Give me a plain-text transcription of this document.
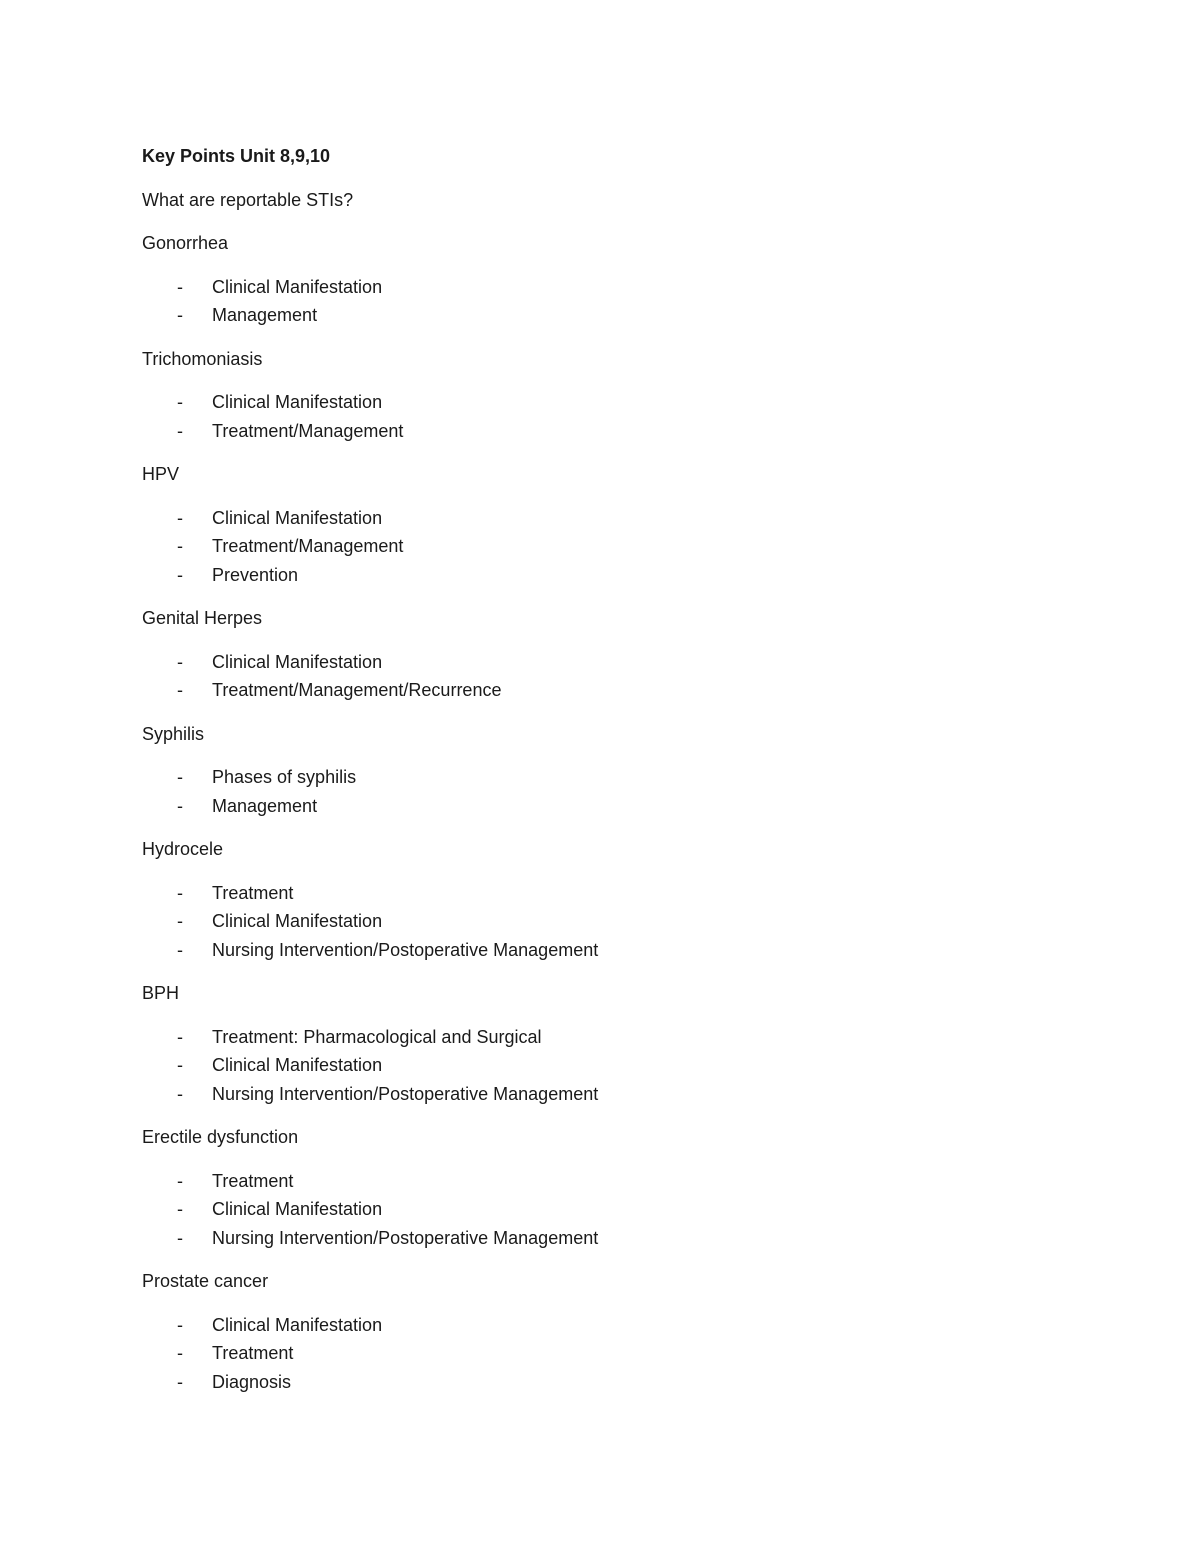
Key Points Unit 8,9,10
What are reportable STIs?
Gonorrhea
- Clinical Manifestation
- Management
Trichomoniasis
- Clinical Manifestation
- Treatment/Management
HPV
- Clinical Manifestation
- Treatment/Management
- Prevention
Genital Herpes
- Clinical Manifestation
- Treatment/Management/Recurrence
Syphilis
- Phases of syphilis
- Management
Hydrocele
- Treatment
- Clinical Manifestation
- Nursing Intervention/Postoperative Management
BPH
- Treatment: Pharmacological and Surgical
- Clinical Manifestation
- Nursing Intervention/Postoperative Management
Erectile dysfunction
- Treatment
- Clinical Manifestation
- Nursing Intervention/Postoperative Management
Prostate cancer
- Clinical Manifestation
- Treatment
- Diagnosis
